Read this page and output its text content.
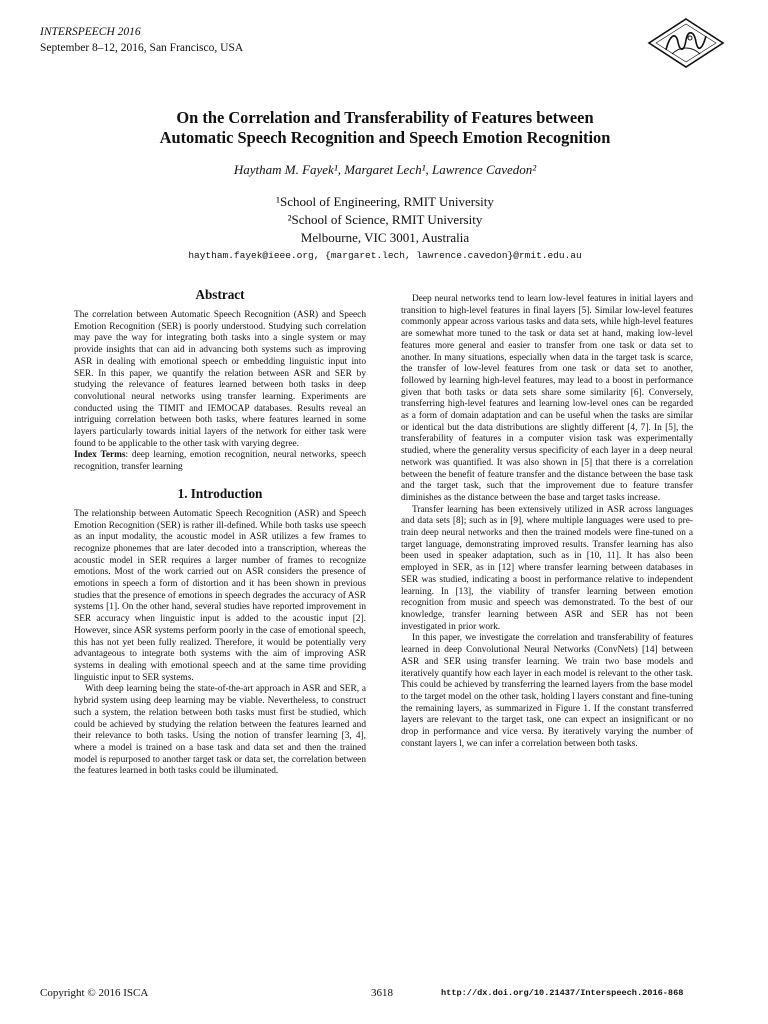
INTERSPEECH 2016
September 8–12, 2016, San Francisco, USA
On the Correlation and Transferability of Features between
Automatic Speech Recognition and Speech Emotion Recognition
Haytham M. Fayek¹, Margaret Lech¹, Lawrence Cavedon²
¹School of Engineering, RMIT University
²School of Science, RMIT University
Melbourne, VIC 3001, Australia
haytham.fayek@ieee.org, {margaret.lech, lawrence.cavedon}@rmit.edu.au
Abstract

The correlation between Automatic Speech Recognition (ASR) and Speech Emotion Recognition (SER) is poorly understood. Studying such correlation may pave the way for integrating both tasks into a single system or may provide insights that can aid in advancing both systems such as improving ASR in dealing with emotional speech or embedding linguistic input into SER. In this paper, we quantify the relation between ASR and SER by studying the relevance of features learned between both tasks in deep convolutional neural networks using transfer learning. Experiments are conducted using the TIMIT and IEMOCAP databases. Results reveal an intriguing correlation between both tasks, where features learned in some layers particularly towards initial layers of the network for either task were found to be applicable to the other task with varying degree.

Index Terms: deep learning, emotion recognition, neural networks, speech recognition, transfer learning

1. Introduction

The relationship between Automatic Speech Recognition (ASR) and Speech Emotion Recognition (SER) is rather ill-defined. While both tasks use speech as an input modality, the acoustic model in ASR utilizes a few frames to recognize phonemes that are later decoded into a transcription, whereas the acoustic model in SER requires a larger number of frames to recognize emotions. Most of the work carried out on ASR considers the presence of emotions in speech a form of distortion and it has been shown in previous studies that the presence of emotions in speech degrades the accuracy of ASR systems [1]. On the other hand, several studies have reported improvement in SER accuracy when linguistic input is added to the acoustic input [2]. However, since ASR systems perform poorly in the case of emotional speech, this has not yet been fully realized. Therefore, it would be potentially very advantageous to integrate both systems with the aim of improving ASR systems in dealing with emotional speech and at the same time providing linguistic input to SER systems.

With deep learning being the state-of-the-art approach in ASR and SER, a hybrid system using deep learning may be viable. Nevertheless, to construct such a system, the relation between both tasks must first be studied, which could be achieved by studying the relation between the features learned and their relevance to both tasks. Using the notion of transfer learning [3, 4], where a model is trained on a base task and data set and then the trained model is repurposed to another target task or data set, the correlation between the features learned in both tasks could be illuminated.

Deep neural networks tend to learn low-level features in initial layers and transition to high-level features in final layers [5]. Similar low-level features commonly appear across various tasks and data sets, while high-level features are somewhat more tuned to the task or data set at hand, making low-level features more general and easier to transfer from one task or data set to another. In many situations, especially when data in the target task is scarce, the transfer of low-level features from one task or data set to another, followed by learning high-level features, may lead to a boost in performance given that both tasks or data sets share some similarity [6]. Conversely, transferring high-level features and learning low-level ones can be regarded as a form of domain adaptation and can be useful when the tasks are similar or identical but the data distributions are slightly different [4, 7]. In [5], the transferability of features in a computer vision task was experimentally studied, where the generality versus specificity of each layer in a deep neural network was quantified. It was also shown in [5] that there is a correlation between the benefit of feature transfer and the distance between the base task and the target task, such that the improvement due to feature transfer diminishes as the distance between the base and target tasks increase.

Transfer learning has been extensively utilized in ASR across languages and data sets [8]; such as in [9], where multiple languages were used to pre-train deep neural networks and then the trained models were fine-tuned on a target language, demonstrating improved results. Transfer learning has also been used in speaker adaptation, such as in [10, 11]. It has also been employed in SER, as in [12] where transfer learning between databases in SER was studied, indicating a boost in performance relative to independent learning. In [13], the viability of transfer learning between emotion recognition from music and speech was demonstrated. To the best of our knowledge, transfer learning between ASR and SER has not been investigated in prior work.

In this paper, we investigate the correlation and transferability of features learned in deep Convolutional Neural Networks (ConvNets) [14] between ASR and SER using transfer learning. We train two base models and iteratively quantify how each layer in each model is relevant to the other task. This could be achieved by transferring the learned layers from the base model to the target model on the other task, holding l layers constant and fine-tuning the remaining layers, as summarized in Figure 1. If the constant transferred layers are relevant to the target task, one can expect an insignificant or no drop in performance and vice versa. By iteratively varying the number of constant layers l, we can infer a correlation between both tasks.

Copyright © 2016 ISCA	3618	http://dx.doi.org/10.21437/Interspeech.2016-868
